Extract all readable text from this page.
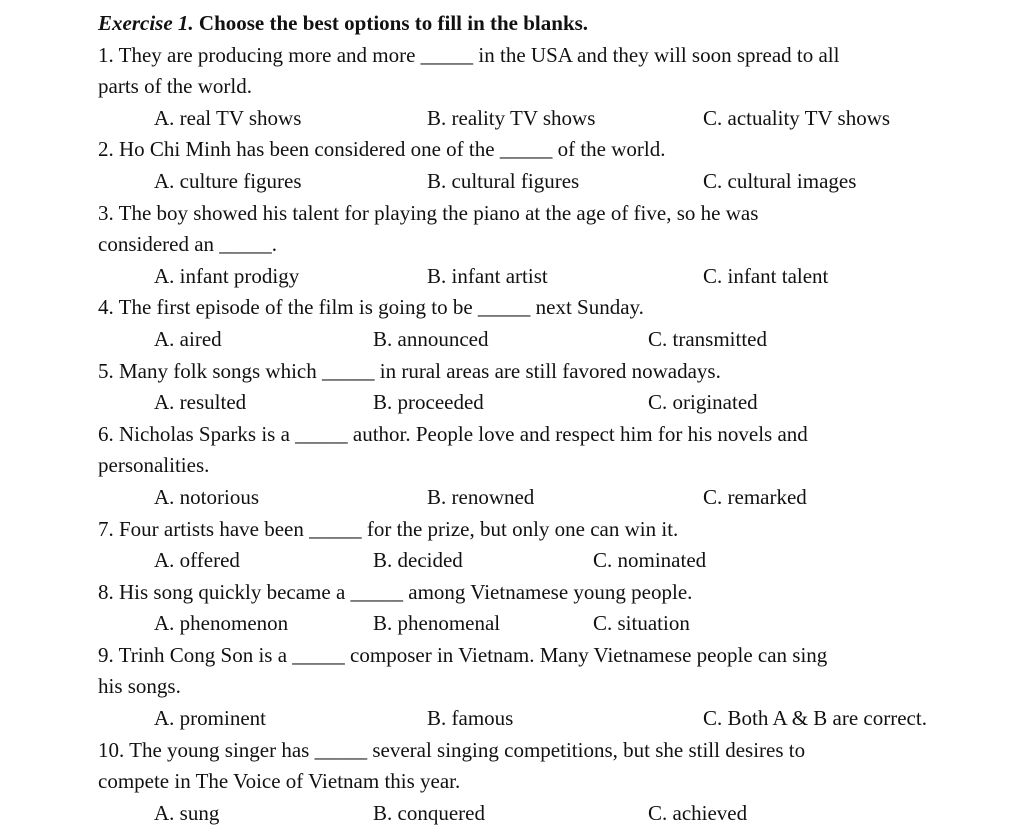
Exercise 1. Choose the best options to fill in the blanks.
1. They are producing more and more _____ in the USA and they will soon spread to all
parts of the world.
A. real TV shows	B. reality TV shows	C. actuality TV shows
2. Ho Chi Minh has been considered one of the _____ of the world.
A. culture figures	B. cultural figures	C. cultural images
3. The boy showed his talent for playing the piano at the age of five, so he was
considered an _____.
A. infant prodigy	B. infant artist	C. infant talent
4. The first episode of the film is going to be _____ next Sunday.
A. aired	B. announced	C. transmitted
5. Many folk songs which _____ in rural areas are still favored nowadays.
A. resulted	B. proceeded	C. originated
6. Nicholas Sparks is a _____ author. People love and respect him for his novels and
personalities.
A. notorious	B. renowned	C. remarked
7. Four artists have been _____ for the prize, but only one can win it.
A. offered	B. decided	C. nominated
8. His song quickly became a _____ among Vietnamese young people.
A. phenomenon	B. phenomenal	C. situation
9. Trinh Cong Son is a _____ composer in Vietnam. Many Vietnamese people can sing
his songs.
A. prominent	B. famous	C. Both A & B are correct.
10. The young singer has _____ several singing competitions, but she still desires to
compete in The Voice of Vietnam this year.
A. sung	B. conquered	C. achieved
